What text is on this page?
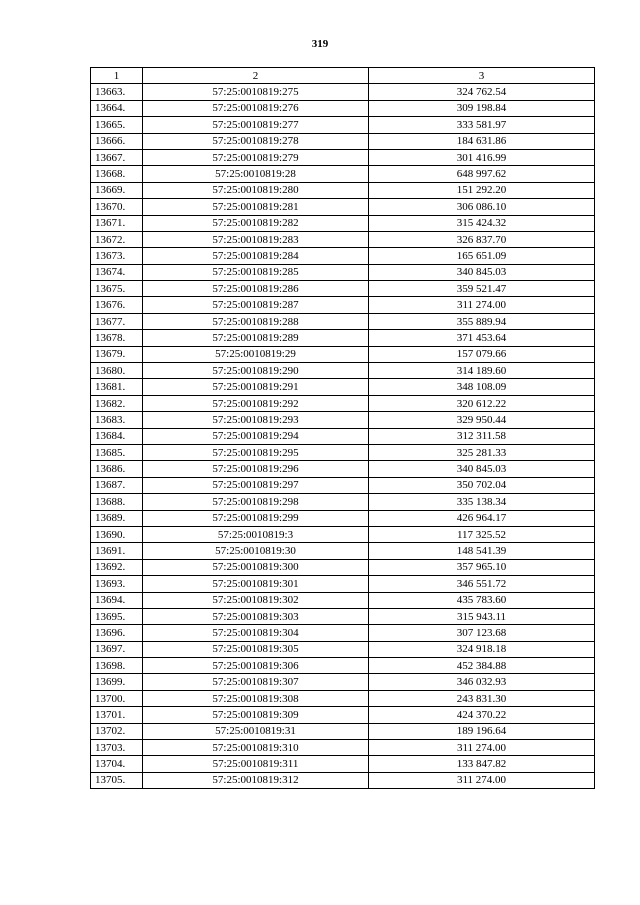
319
1	2	3
13663.	57:25:0010819:275	324 762.54
13664.	57:25:0010819:276	309 198.84
13665.	57:25:0010819:277	333 581.97
13666.	57:25:0010819:278	184 631.86
13667.	57:25:0010819:279	301 416.99
13668.	57:25:0010819:28	648 997.62
13669.	57:25:0010819:280	151 292.20
13670.	57:25:0010819:281	306 086.10
13671.	57:25:0010819:282	315 424.32
13672.	57:25:0010819:283	326 837.70
13673.	57:25:0010819:284	165 651.09
13674.	57:25:0010819:285	340 845.03
13675.	57:25:0010819:286	359 521.47
13676.	57:25:0010819:287	311 274.00
13677.	57:25:0010819:288	355 889.94
13678.	57:25:0010819:289	371 453.64
13679.	57:25:0010819:29	157 079.66
13680.	57:25:0010819:290	314 189.60
13681.	57:25:0010819:291	348 108.09
13682.	57:25:0010819:292	320 612.22
13683.	57:25:0010819:293	329 950.44
13684.	57:25:0010819:294	312 311.58
13685.	57:25:0010819:295	325 281.33
13686.	57:25:0010819:296	340 845.03
13687.	57:25:0010819:297	350 702.04
13688.	57:25:0010819:298	335 138.34
13689.	57:25:0010819:299	426 964.17
13690.	57:25:0010819:3	117 325.52
13691.	57:25:0010819:30	148 541.39
13692.	57:25:0010819:300	357 965.10
13693.	57:25:0010819:301	346 551.72
13694.	57:25:0010819:302	435 783.60
13695.	57:25:0010819:303	315 943.11
13696.	57:25:0010819:304	307 123.68
13697.	57:25:0010819:305	324 918.18
13698.	57:25:0010819:306	452 384.88
13699.	57:25:0010819:307	346 032.93
13700.	57:25:0010819:308	243 831.30
13701.	57:25:0010819:309	424 370.22
13702.	57:25:0010819:31	189 196.64
13703.	57:25:0010819:310	311 274.00
13704.	57:25:0010819:311	133 847.82
13705.	57:25:0010819:312	311 274.00
